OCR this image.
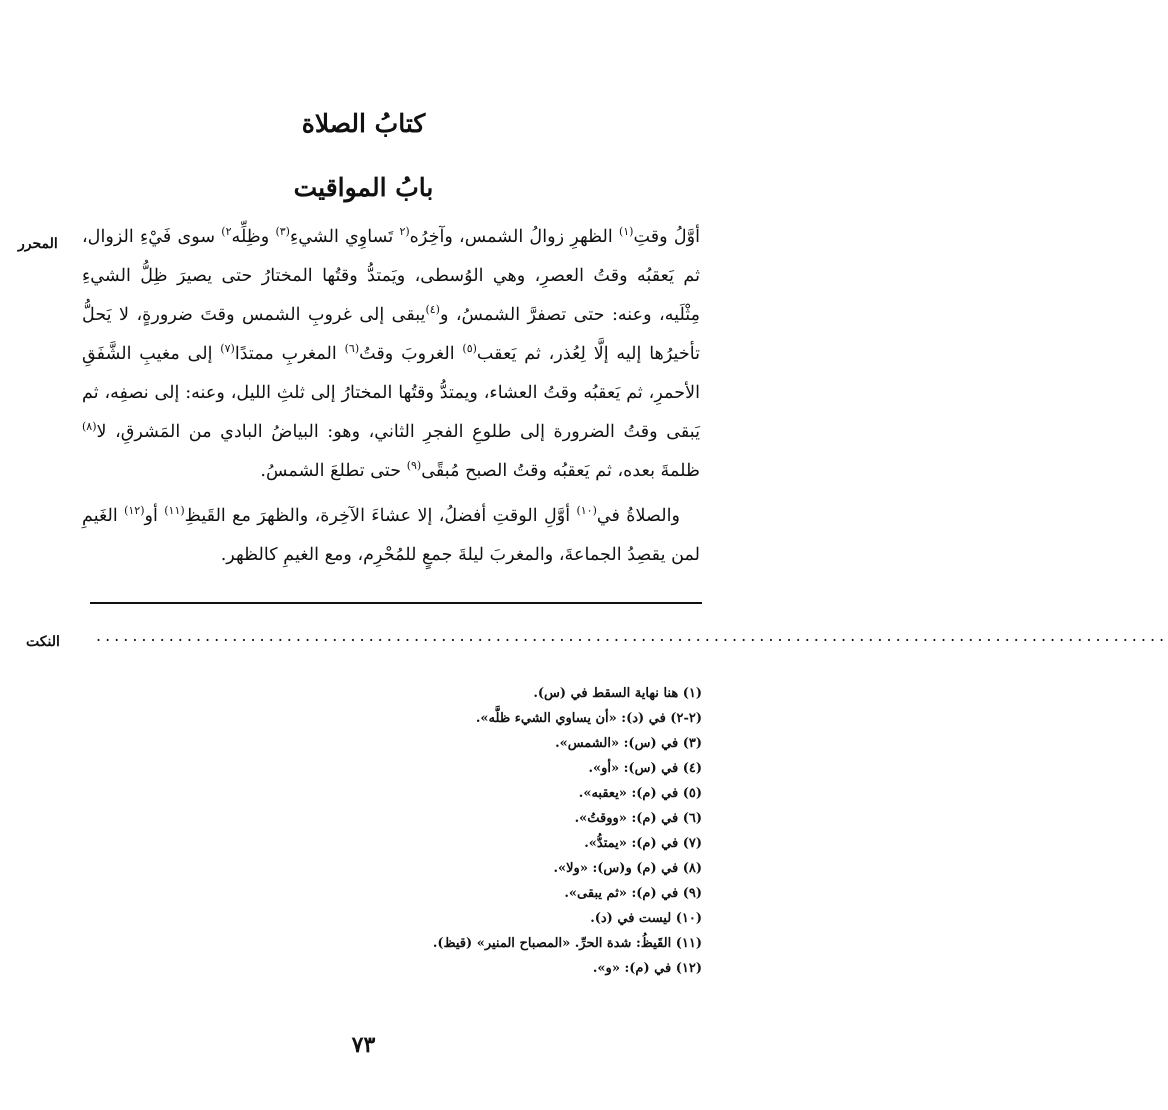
كتابُ الصلاة
بابُ المواقيت
المحرر	أوَّلُ وقتِ$^{(١)}$ الظهرِ زوالُ الشمس، وآخِرُه$^{(٢}$ تَساوِي الشيءِ$^{(٣)}$ وظِلِّه$^{٢)}$ سوى فَيْءِ الزوال، ثم يَعقبُه وقتُ العصرِ، وهي الوُسطى، ويَمتدُّ وقتُها المختارُ حتى يصيرَ ظِلُّ الشيءِ مِثْلَيه، وعنه: حتى تصفرَّ الشمسُ، و$^{(٤)}$يبقى إلى غروبِ الشمس وقتَ ضرورةٍ، لا يَحلُّ تأخيرُها إليه إلَّا لِعُذر، ثم يَعقب$^{(٥)}$ الغروبَ وقتُ$^{(٦)}$ المغربِ ممتدًا$^{(٧)}$ إلى مغيبِ الشَّفَقِ الأحمرِ، ثم يَعقبُه وقتُ العشاء، ويمتدُّ وقتُها المختارُ إلى ثلثِ الليل، وعنه: إلى نصفِه، ثم يَبقى وقتُ الضرورة إلى طلوعِ الفجرِ الثاني، وهو: البياضُ البادي من المَشرقِ، لا$^{(٨)}$ ظلمةَ بعده، ثم يَعقبُه وقتُ الصبح مُبقًى$^{(٩)}$ حتى تطلعَ الشمسُ.

والصلاةُ في$^{(١٠)}$ أوَّلِ الوقتِ أفضلُ، إلا عشاءَ الآخِرة، والظهرَ مع القَيظِ$^{(١١)}$ أو$^{(١٢)}$ الغَيمِ لمن يقصِدُ الجماعةَ، والمغربَ ليلةَ جمعٍ للمُحْرِم، ومع الغيمِ كالظهر.

النكت ......................................................................................................................
(١) هنا نهاية السقط في (س).
(٢-٢) في (د): «أن يساوي الشيء ظلَّه».
(٣) في (س): «الشمس».
(٤) في (س): «أو».
(٥) في (م): «يعقبه».
(٦) في (م): «ووقتُ».
(٧) في (م): «يمتدُّ».
(٨) في (م) و(س): «ولا».
(٩) في (م): «ثم يبقى».
(١٠) ليست في (د).
(١١) القَيظُ: شدة الحرِّ. «المصباح المنير» (قيظ).
(١٢) في (م): «و».
٧٣
